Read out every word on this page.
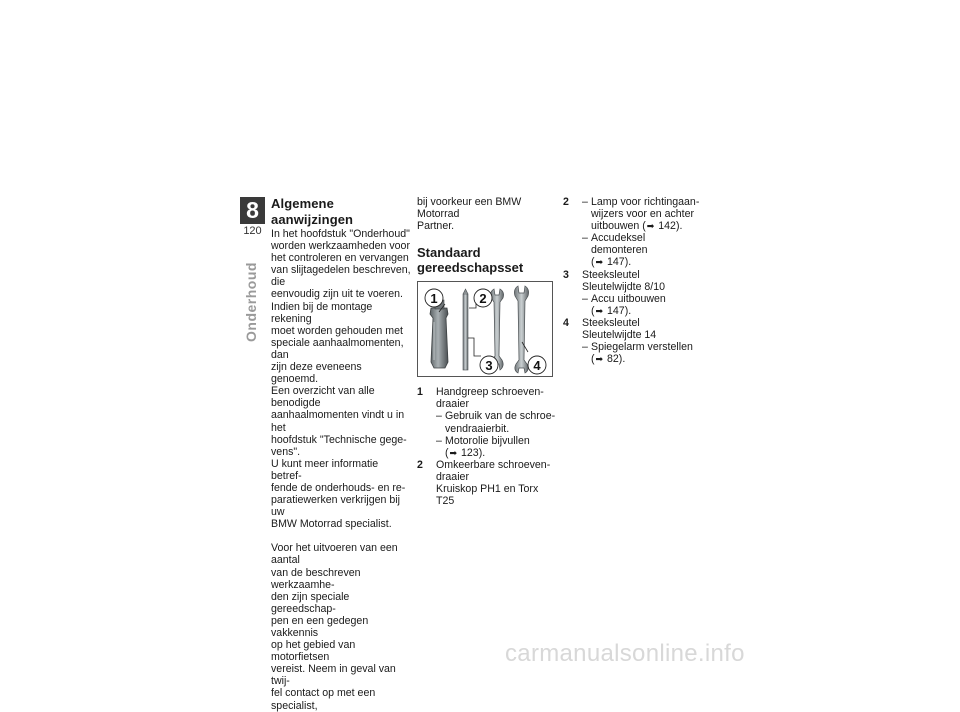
8
120
Onderhoud
Algemene aanwijzingen

In het hoofdstuk "Onderhoud"
worden werkzaamheden voor
het controleren en vervangen
van slijtagedelen beschreven, die
eenvoudig zijn uit te voeren.
Indien bij de montage rekening
moet worden gehouden met
speciale aanhaalmomenten, dan
zijn deze eveneens genoemd.
Een overzicht van alle benodigde
aanhaalmomenten vindt u in het
hoofdstuk "Technische gege-
vens".
U kunt meer informatie betref-
fende de onderhouds- en re-
paratiewerken verkrijgen bij uw
BMW Motorrad specialist.

Voor het uitvoeren van een aantal
van de beschreven werkzaamhe-
den zijn speciale gereedschap-
pen en een gedegen vakkennis
op het gebied van motorfietsen
vereist. Neem in geval van twij-
fel contact op met een specialist,

bij voorkeur een BMW Motorrad
Partner.

Standaard
gereedschapsset
1	2
3	4
1 Handgreep schroeven-
draaier
– Gebruik van de schroe-
vendraaierbit.
– Motorolie bijvullen
(➡ 123).
2 Omkeerbare schroeven-
draaier
Kruiskop PH1 en Torx T25
2
– Lamp voor richtingaan-
wijzers voor en achter
uitbouwen (➡ 142).
– Accudeksel demonteren
(➡ 147).
3 Steeksleutel
Sleutelwijdte 8/10
– Accu uitbouwen
(➡ 147).
4 Steeksleutel
Sleutelwijdte 14
– Spiegelarm verstellen
(➡ 82).
carmanualsonline.info
